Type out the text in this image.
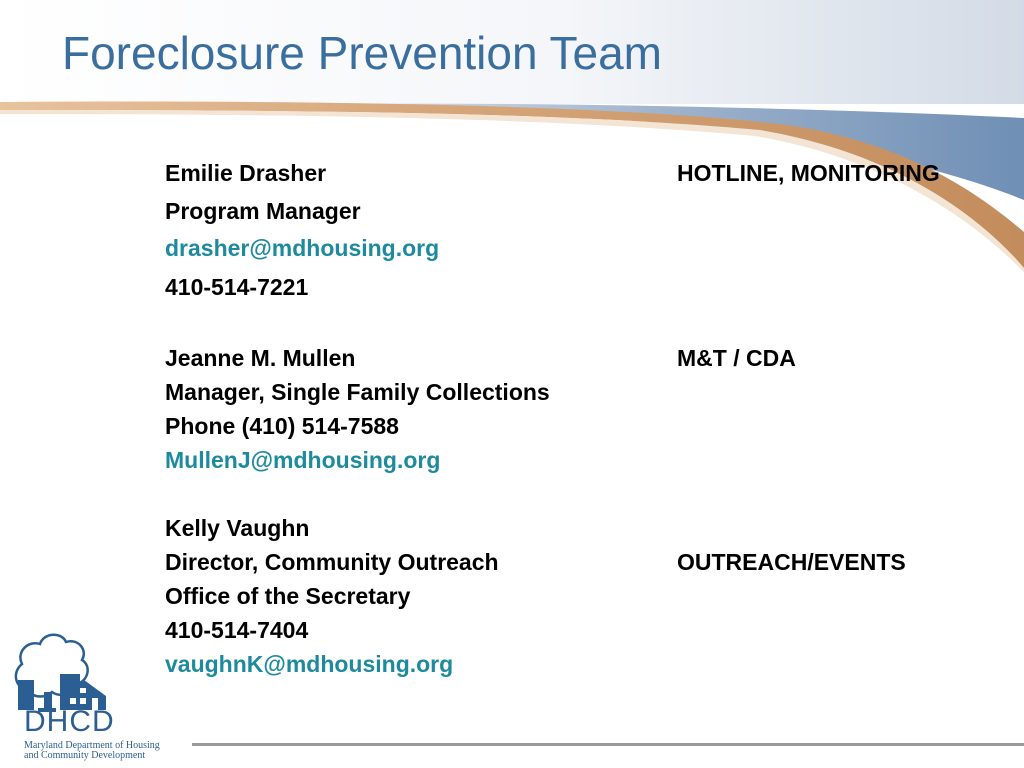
Foreclosure Prevention Team
Emilie Drasher
Program Manager
drasher@mdhousing.org
410-514-7221
HOTLINE, MONITORING
Jeanne M. Mullen
Manager, Single Family Collections
Phone (410) 514-7588
MullenJ@mdhousing.org
M&T / CDA
Kelly Vaughn
Director, Community Outreach
Office of the Secretary
410-514-7404
vaughnK@mdhousing.org
OUTREACH/EVENTS
DHCD
Maryland Department of Housing
and Community Development
